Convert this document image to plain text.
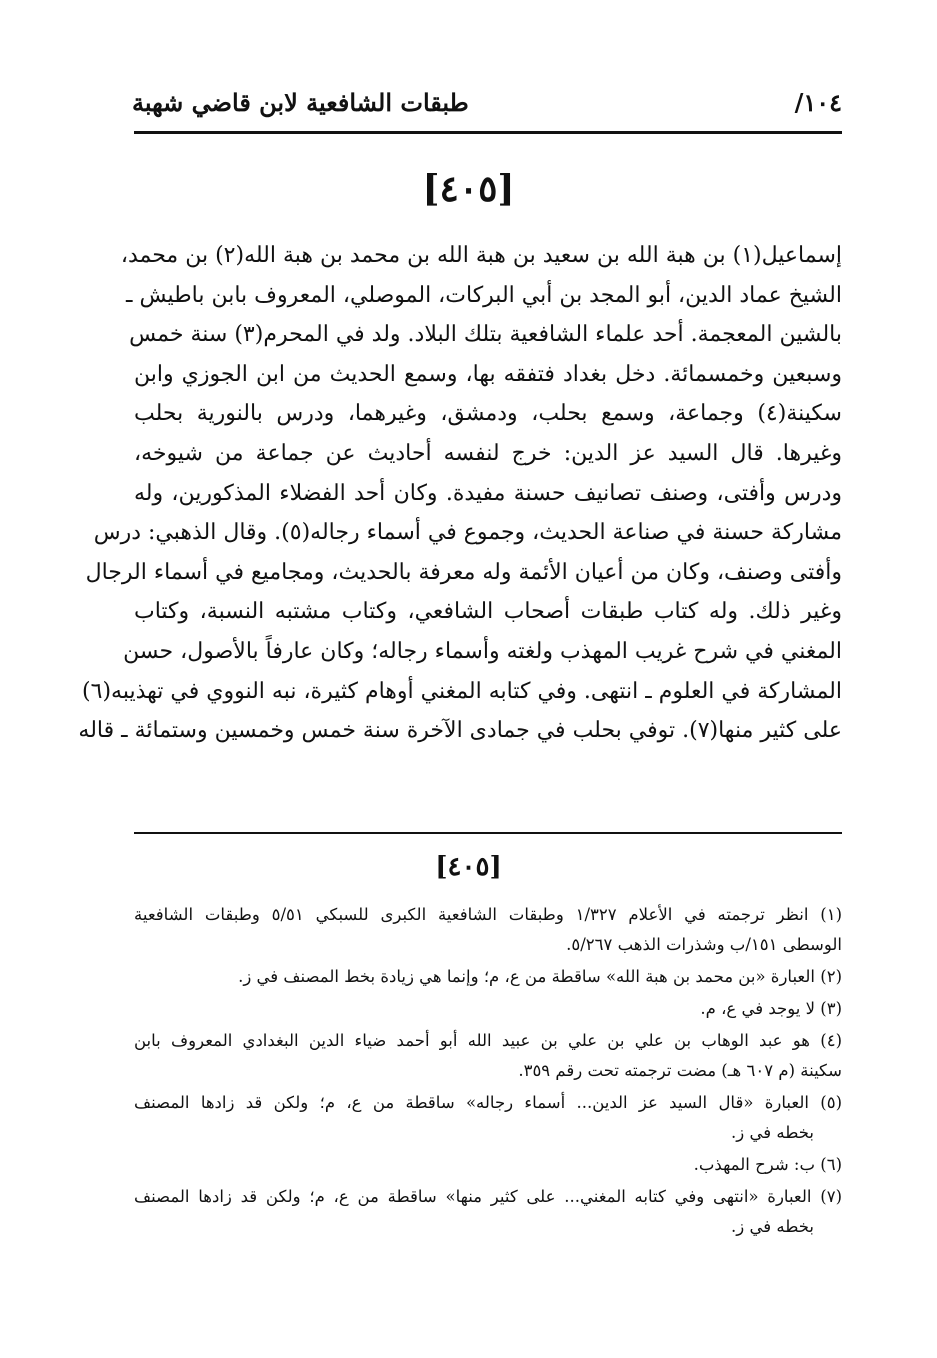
١٠٤/
طبقات الشافعية لابن قاضي شهبة
[٤٠٥]
إسماعيل(١) بن هبة الله بن سعيد بن هبة الله بن محمد بن هبة الله(٢) بن محمد،
الشيخ عماد الدين، أبو المجد بن أبي البركات، الموصلي، المعروف بابن باطيش ـ
بالشين المعجمة. أحد علماء الشافعية بتلك البلاد. ولد في المحرم(٣) سنة خمس
وسبعين وخمسمائة. دخل بغداد فتفقه بها، وسمع الحديث من ابن الجوزي وابن
سكينة(٤) وجماعة، وسمع بحلب، ودمشق، وغيرهما، ودرس بالنورية بحلب
وغيرها. قال السيد عز الدين: خرج لنفسه أحاديث عن جماعة من شيوخه،
ودرس وأفتى، وصنف تصانيف حسنة مفيدة. وكان أحد الفضلاء المذكورين، وله
مشاركة حسنة في صناعة الحديث، وجموع في أسماء رجاله(٥). وقال الذهبي: درس
وأفتى وصنف، وكان من أعيان الأئمة وله معرفة بالحديث، ومجاميع في أسماء الرجال
وغير ذلك. وله كتاب طبقات أصحاب الشافعي، وكتاب مشتبه النسبة، وكتاب
المغني في شرح غريب المهذب ولغته وأسماء رجاله؛ وكان عارفاً بالأصول، حسن
المشاركة في العلوم ـ انتهى. وفي كتابه المغني أوهام كثيرة، نبه النووي في تهذيبه(٦)
على كثير منها(٧). توفي بحلب في جمادى الآخرة سنة خمس وخمسين وستمائة ـ قاله
[٤٠٥]
(١) انظر ترجمته في الأعلام ١/٣٢٧ وطبقات الشافعية الكبرى للسبكي ٥/٥١ وطبقات الشافعية
الوسطى ١٥١/ب وشذرات الذهب ٥/٢٦٧.
(٢) العبارة «بن محمد بن هبة الله» ساقطة من ع، م؛ وإنما هي زيادة بخط المصنف في ز.
(٣) لا يوجد في ع، م.
(٤) هو عبد الوهاب بن علي بن علي بن عبيد الله أبو أحمد ضياء الدين البغدادي المعروف بابن
سكينة (م ٦٠٧ هـ) مضت ترجمته تحت رقم ٣٥٩.
(٥) العبارة «قال السيد عز الدين... أسماء رجاله» ساقطة من ع، م؛ ولكن قد زادها المصنف
بخطه في ز.
(٦) ب: شرح المهذب.
(٧) العبارة «انتهى وفي كتابه المغني... على كثير منها» ساقطة من ع، م؛ ولكن قد زادها المصنف
بخطه في ز.
